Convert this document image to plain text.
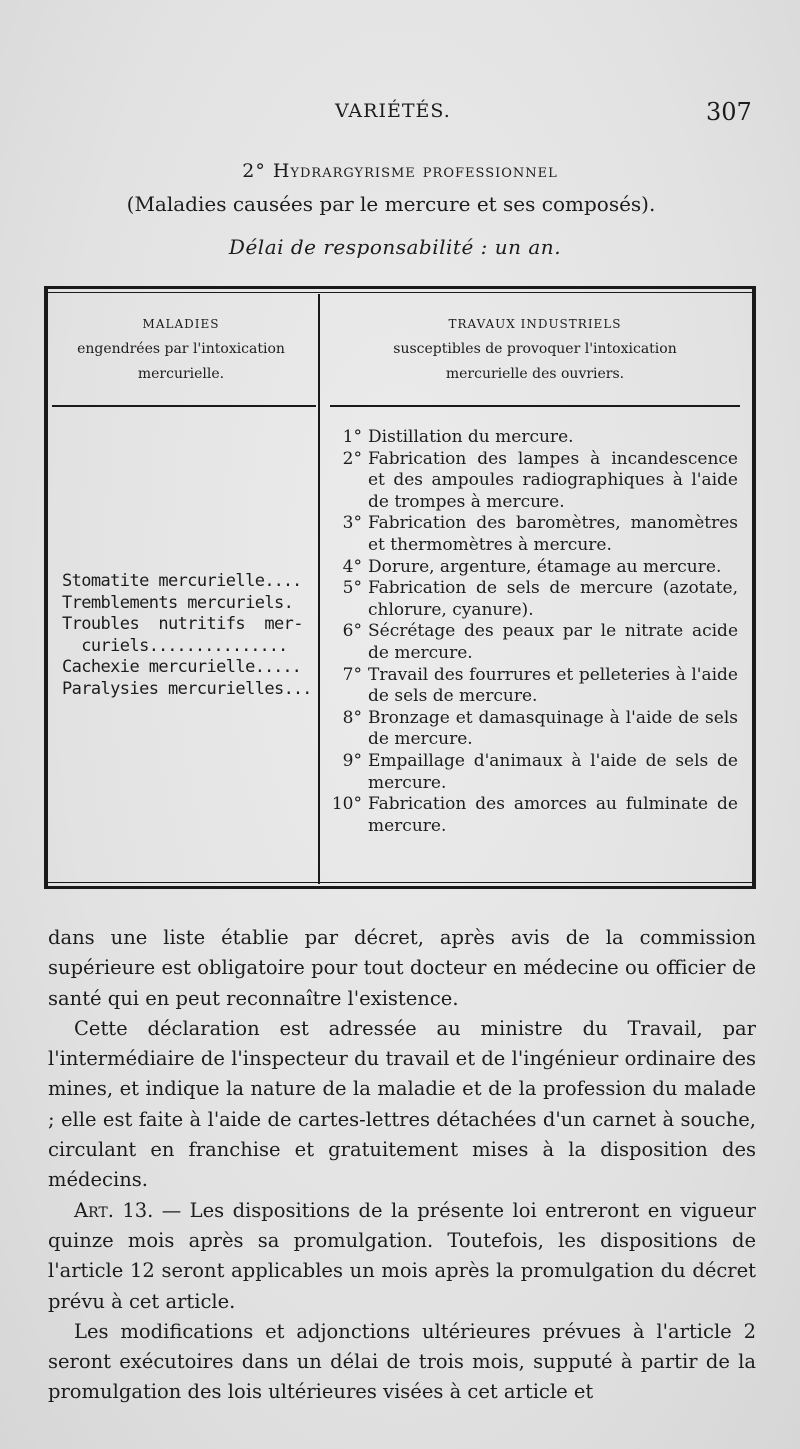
VARIÉTÉS.	307
2° Hydrargyrisme professionnel
(Maladies causées par le mercure et ses composés).
Délai de responsabilité : un an.
MALADIES
engendrées par l'intoxication
mercurielle.
TRAVAUX INDUSTRIELS
susceptibles de provoquer l'intoxication
mercurielle des ouvriers.
Stomatite mercurielle....
Tremblements mercuriels.
Troubles  nutritifs  mer-
curiels...............
Cachexie mercurielle.....
Paralysies mercurielles...
1° Distillation du mercure.
2° Fabrication des lampes à incandescence et des ampoules radiographiques à l'aide de trompes à mercure.
3° Fabrication des baromètres, manomètres et thermomètres à mercure.
4° Dorure, argenture, étamage au mercure.
5° Fabrication de sels de mercure (azotate, chlorure, cyanure).
6° Sécrétage des peaux par le nitrate acide de mercure.
7° Travail des fourrures et pelleteries à l'aide de sels de mercure.
8° Bronzage et damasquinage à l'aide de sels de mercure.
9° Empaillage d'animaux à l'aide de sels de mercure.
10° Fabrication des amorces au fulminate de mercure.

dans une liste établie par décret, après avis de la commission supérieure est obligatoire pour tout docteur en médecine ou officier de santé qui en peut reconnaître l'existence.

Cette déclaration est adressée au ministre du Travail, par l'intermédiaire de l'inspecteur du travail et de l'ingénieur ordinaire des mines, et indique la nature de la maladie et de la profession du malade ; elle est faite à l'aide de cartes-lettres détachées d'un carnet à souche, circulant en franchise et gratuitement mises à la disposition des médecins.

Art. 13. — Les dispositions de la présente loi entreront en vigueur quinze mois après sa promulgation. Toutefois, les dispositions de l'article 12 seront applicables un mois après la promulgation du décret prévu à cet article.

Les modifications et adjonctions ultérieures prévues à l'article 2 seront exécutoires dans un délai de trois mois, supputé à partir de la promulgation des lois ultérieures visées à cet article et
